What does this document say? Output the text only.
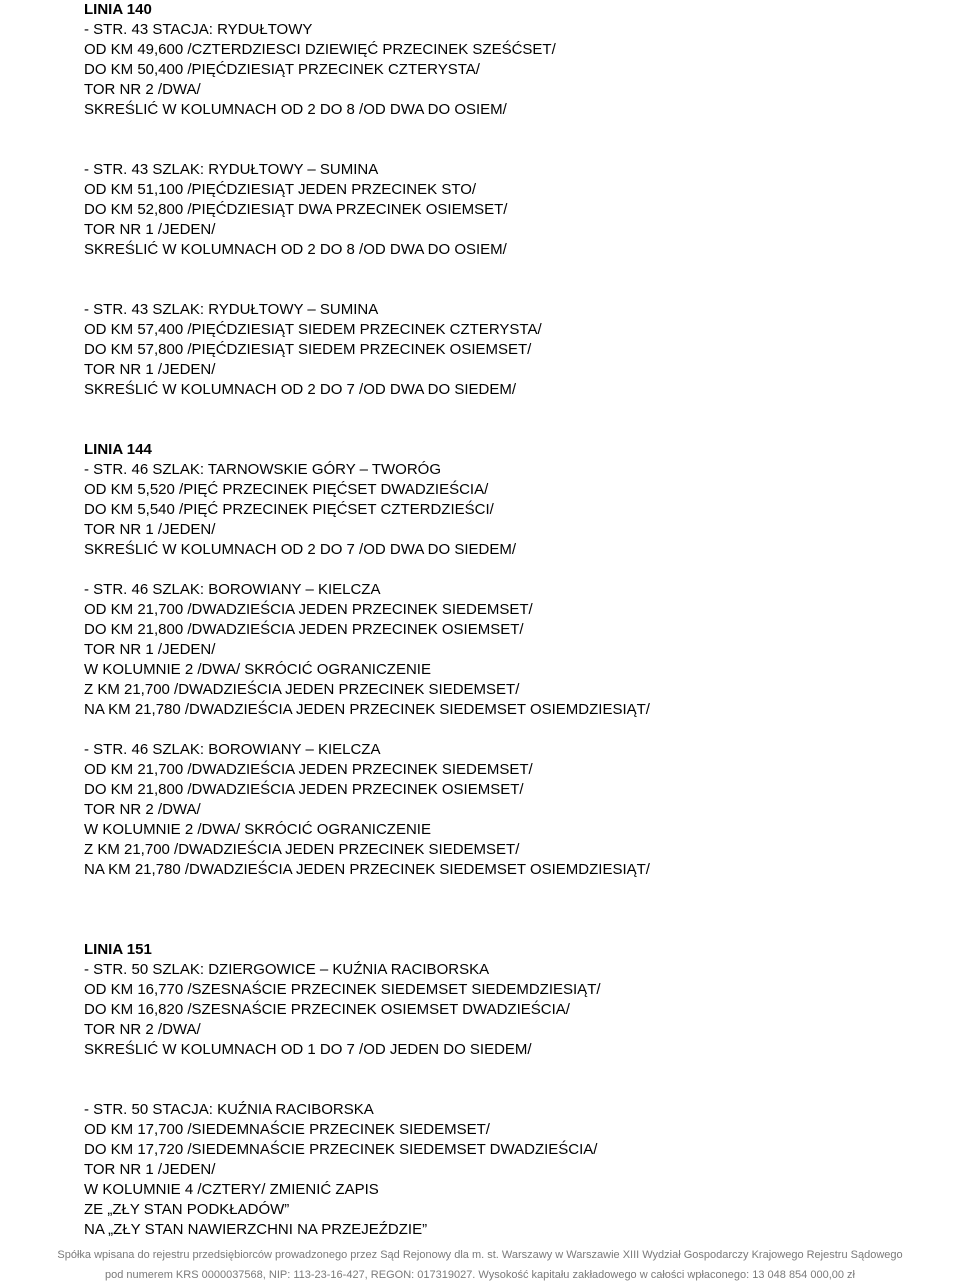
LINIA 140
- STR. 43 STACJA: RYDUŁTOWY
OD KM 49,600 /CZTERDZIESCI DZIEWIĘĆ PRZECINEK SZEŚĆSET/
DO KM 50,400 /PIĘĆDZIESIĄT PRZECINEK CZTERYSTA/
TOR NR 2 /DWA/
SKREŚLIĆ W KOLUMNACH OD 2 DO 8 /OD DWA DO OSIEM/
- STR. 43 SZLAK: RYDUŁTOWY – SUMINA
OD KM 51,100 /PIĘĆDZIESIĄT JEDEN PRZECINEK STO/
DO KM 52,800 /PIĘĆDZIESIĄT DWA PRZECINEK OSIEMSET/
TOR NR 1 /JEDEN/
SKREŚLIĆ W KOLUMNACH OD 2 DO 8 /OD DWA DO OSIEM/
- STR. 43 SZLAK: RYDUŁTOWY – SUMINA
OD KM 57,400 /PIĘĆDZIESIĄT SIEDEM PRZECINEK CZTERYSTA/
DO KM 57,800 /PIĘĆDZIESIĄT SIEDEM PRZECINEK OSIEMSET/
TOR NR 1 /JEDEN/
SKREŚLIĆ W KOLUMNACH OD 2 DO 7 /OD DWA DO SIEDEM/
LINIA 144
- STR. 46 SZLAK: TARNOWSKIE GÓRY – TWORÓG
OD KM 5,520 /PIĘĆ PRZECINEK PIĘĆSET DWADZIEŚCIA/
DO KM 5,540 /PIĘĆ PRZECINEK PIĘĆSET CZTERDZIEŚCI/
TOR NR 1 /JEDEN/
SKREŚLIĆ W KOLUMNACH OD 2 DO 7 /OD DWA DO SIEDEM/
- STR. 46 SZLAK: BOROWIANY – KIELCZA
OD KM 21,700 /DWADZIEŚCIA JEDEN PRZECINEK SIEDEMSET/
DO KM 21,800 /DWADZIEŚCIA JEDEN PRZECINEK OSIEMSET/
TOR NR 1 /JEDEN/
W KOLUMNIE 2 /DWA/ SKRÓCIĆ OGRANICZENIE
Z KM 21,700 /DWADZIEŚCIA JEDEN PRZECINEK SIEDEMSET/
NA KM 21,780 /DWADZIEŚCIA JEDEN PRZECINEK SIEDEMSET OSIEMDZIESIĄT/
- STR. 46 SZLAK: BOROWIANY – KIELCZA
OD KM 21,700 /DWADZIEŚCIA JEDEN PRZECINEK SIEDEMSET/
DO KM 21,800 /DWADZIEŚCIA JEDEN PRZECINEK OSIEMSET/
TOR NR 2 /DWA/
W KOLUMNIE 2 /DWA/ SKRÓCIĆ OGRANICZENIE
Z KM 21,700 /DWADZIEŚCIA JEDEN PRZECINEK SIEDEMSET/
NA KM 21,780 /DWADZIEŚCIA JEDEN PRZECINEK SIEDEMSET OSIEMDZIESIĄT/
LINIA 151
- STR. 50 SZLAK: DZIERGOWICE – KUŹNIA RACIBORSKA
OD KM 16,770 /SZESNAŚCIE PRZECINEK SIEDEMSET SIEDEMDZIESIĄT/
DO KM 16,820 /SZESNAŚCIE PRZECINEK OSIEMSET DWADZIEŚCIA/
TOR NR 2 /DWA/
SKREŚLIĆ W KOLUMNACH OD 1 DO 7 /OD JEDEN DO SIEDEM/
- STR. 50 STACJA: KUŹNIA RACIBORSKA
OD KM 17,700 /SIEDEMNAŚCIE PRZECINEK SIEDEMSET/
DO KM 17,720 /SIEDEMNAŚCIE PRZECINEK SIEDEMSET DWADZIEŚCIA/
TOR NR 1 /JEDEN/
W KOLUMNIE 4 /CZTERY/ ZMIENIĆ ZAPIS
ZE „ZŁY STAN PODKŁADÓW”
NA „ZŁY STAN NAWIERZCHNI NA PRZEJEŹDZIE”
Spółka wpisana do rejestru przedsiębiorców prowadzonego przez Sąd Rejonowy dla m. st. Warszawy w Warszawie XIII Wydział Gospodarczy Krajowego Rejestru Sądowego
pod numerem KRS 0000037568, NIP: 113-23-16-427, REGON: 017319027. Wysokość kapitału zakładowego w całości wpłaconego: 13 048 854 000,00 zł
